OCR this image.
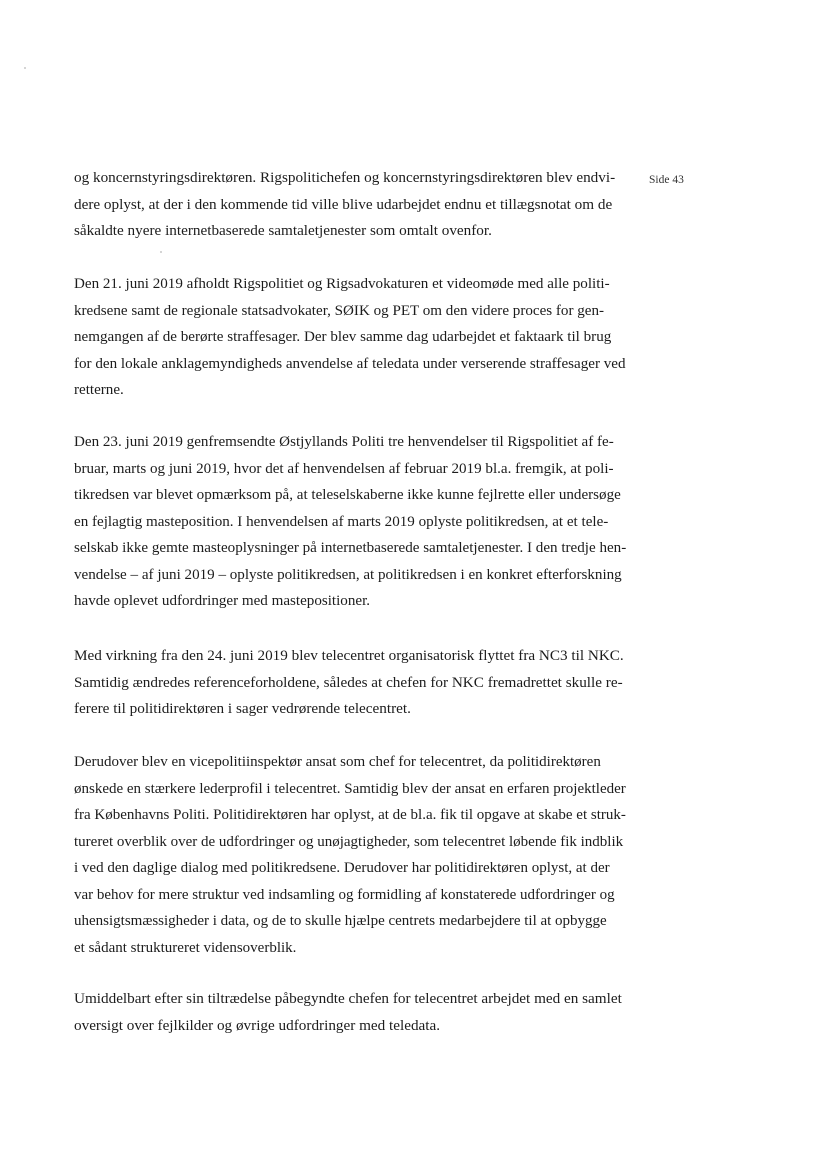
Side 43
og koncernstyringsdirektøren. Rigspolitichefen og koncernstyringsdirektøren blev endvi-
dere oplyst, at der i den kommende tid ville blive udarbejdet endnu et tillægsnotat om de
såkaldte nyere internetbaserede samtaletjenester som omtalt ovenfor.
Den 21. juni 2019 afholdt Rigspolitiet og Rigsadvokaturen et videomøde med alle politi-
kredsene samt de regionale statsadvokater, SØIK og PET om den videre proces for gen-
nemgangen af de berørte straffesager. Der blev samme dag udarbejdet et faktaark til brug
for den lokale anklagemyndigheds anvendelse af teledata under verserende straffesager ved
retterne.
Den 23. juni 2019 genfremsendte Østjyllands Politi tre henvendelser til Rigspolitiet af fe-
bruar, marts og juni 2019, hvor det af henvendelsen af februar 2019 bl.a. fremgik, at poli-
tikredsen var blevet opmærksom på, at teleselskaberne ikke kunne fejlrette eller undersøge
en fejlagtig masteposition. I henvendelsen af marts 2019 oplyste politikredsen, at et tele-
selskab ikke gemte masteoplysninger på internetbaserede samtaletjenester. I den tredje hen-
vendelse – af juni 2019 – oplyste politikredsen, at politikredsen i en konkret efterforskning
havde oplevet udfordringer med mastepositioner.
Med virkning fra den 24. juni 2019 blev telecentret organisatorisk flyttet fra NC3 til NKC.
Samtidig ændredes referenceforholdene, således at chefen for NKC fremadrettet skulle re-
ferere til politidirektøren i sager vedrørende telecentret.
Derudover blev en vicepolitiinspektør ansat som chef for telecentret, da politidirektøren
ønskede en stærkere lederprofil i telecentret. Samtidig blev der ansat en erfaren projektleder
fra Københavns Politi. Politidirektøren har oplyst, at de bl.a. fik til opgave at skabe et struk-
tureret overblik over de udfordringer og unøjagtigheder, som telecentret løbende fik indblik
i ved den daglige dialog med politikredsene. Derudover har politidirektøren oplyst, at der
var behov for mere struktur ved indsamling og formidling af konstaterede udfordringer og
uhensigtsmæssigheder i data, og de to skulle hjælpe centrets medarbejdere til at opbygge
et sådant struktureret vidensoverblik.
Umiddelbart efter sin tiltrædelse påbegyndte chefen for telecentret arbejdet med en samlet
oversigt over fejlkilder og øvrige udfordringer med teledata.
